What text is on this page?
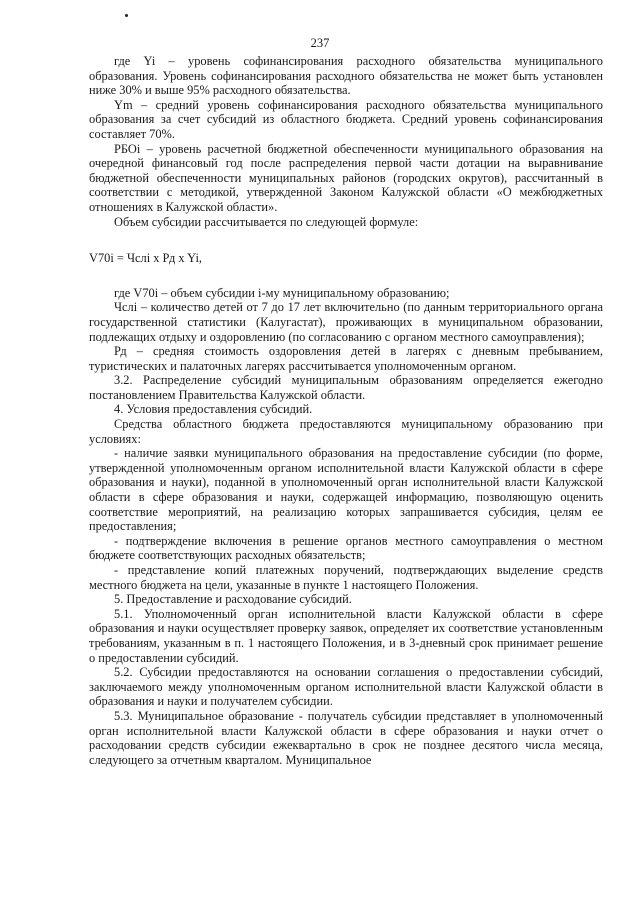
237

где Yi – уровень софинансирования расходного обязательства муниципального образования. Уровень софинансирования расходного обязательства не может быть установлен ниже 30% и выше 95% расходного обязательства.

Ym – средний уровень софинансирования расходного обязательства муниципального образования за счет субсидий из областного бюджета. Средний уровень софинансирования составляет 70%.

РБОi – уровень расчетной бюджетной обеспеченности муниципального образования на очередной финансовый год после распределения первой части дотации на выравнивание бюджетной обеспеченности муниципальных районов (городских округов), рассчитанный в соответствии с методикой, утвержденной Законом Калужской области «О межбюджетных отношениях в Калужской области».

Объем субсидии рассчитывается по следующей формуле:

V70i = Чслi x Рд x Yi,

где V70i – объем субсидии i-му муниципальному образованию;

Чслi – количество детей от 7 до 17 лет включительно (по данным территориального органа государственной статистики (Калугастат), проживающих в муниципальном образовании, подлежащих отдыху и оздоровлению (по согласованию с органом местного самоуправления);

Рд – средняя стоимость оздоровления детей в лагерях с дневным пребыванием, туристических и палаточных лагерях рассчитывается уполномоченным органом.

3.2. Распределение субсидий муниципальным образованиям определяется ежегодно постановлением Правительства Калужской области.

4. Условия предоставления субсидий.

Средства областного бюджета предоставляются муниципальному образованию при условиях:

- наличие заявки муниципального образования на предоставление субсидии (по форме, утвержденной уполномоченным органом исполнительной власти Калужской области в сфере образования и науки), поданной в уполномоченный орган исполнительной власти Калужской области в сфере образования и науки, содержащей информацию, позволяющую оценить соответствие мероприятий, на реализацию которых запрашивается субсидия, целям ее предоставления;

- подтверждение включения в решение органов местного самоуправления о местном бюджете соответствующих расходных обязательств;

- представление копий платежных поручений, подтверждающих выделение средств местного бюджета на цели, указанные в пункте 1 настоящего Положения.

5. Предоставление и расходование субсидий.

5.1. Уполномоченный орган исполнительной власти Калужской области в сфере образования и науки осуществляет проверку заявок, определяет их соответствие установленным требованиям, указанным в п. 1 настоящего Положения, и в 3-дневный срок принимает решение о предоставлении субсидий.

5.2. Субсидии предоставляются на основании соглашения о предоставлении субсидий, заключаемого между уполномоченным органом исполнительной власти Калужской области в образования и науки и получателем субсидии.

5.3. Муниципальное образование - получатель субсидии представляет в уполномоченный орган исполнительной власти Калужской области в сфере образования и науки отчет о расходовании средств субсидии ежеквартально в срок не позднее десятого числа месяца, следующего за отчетным кварталом. Муниципальное
